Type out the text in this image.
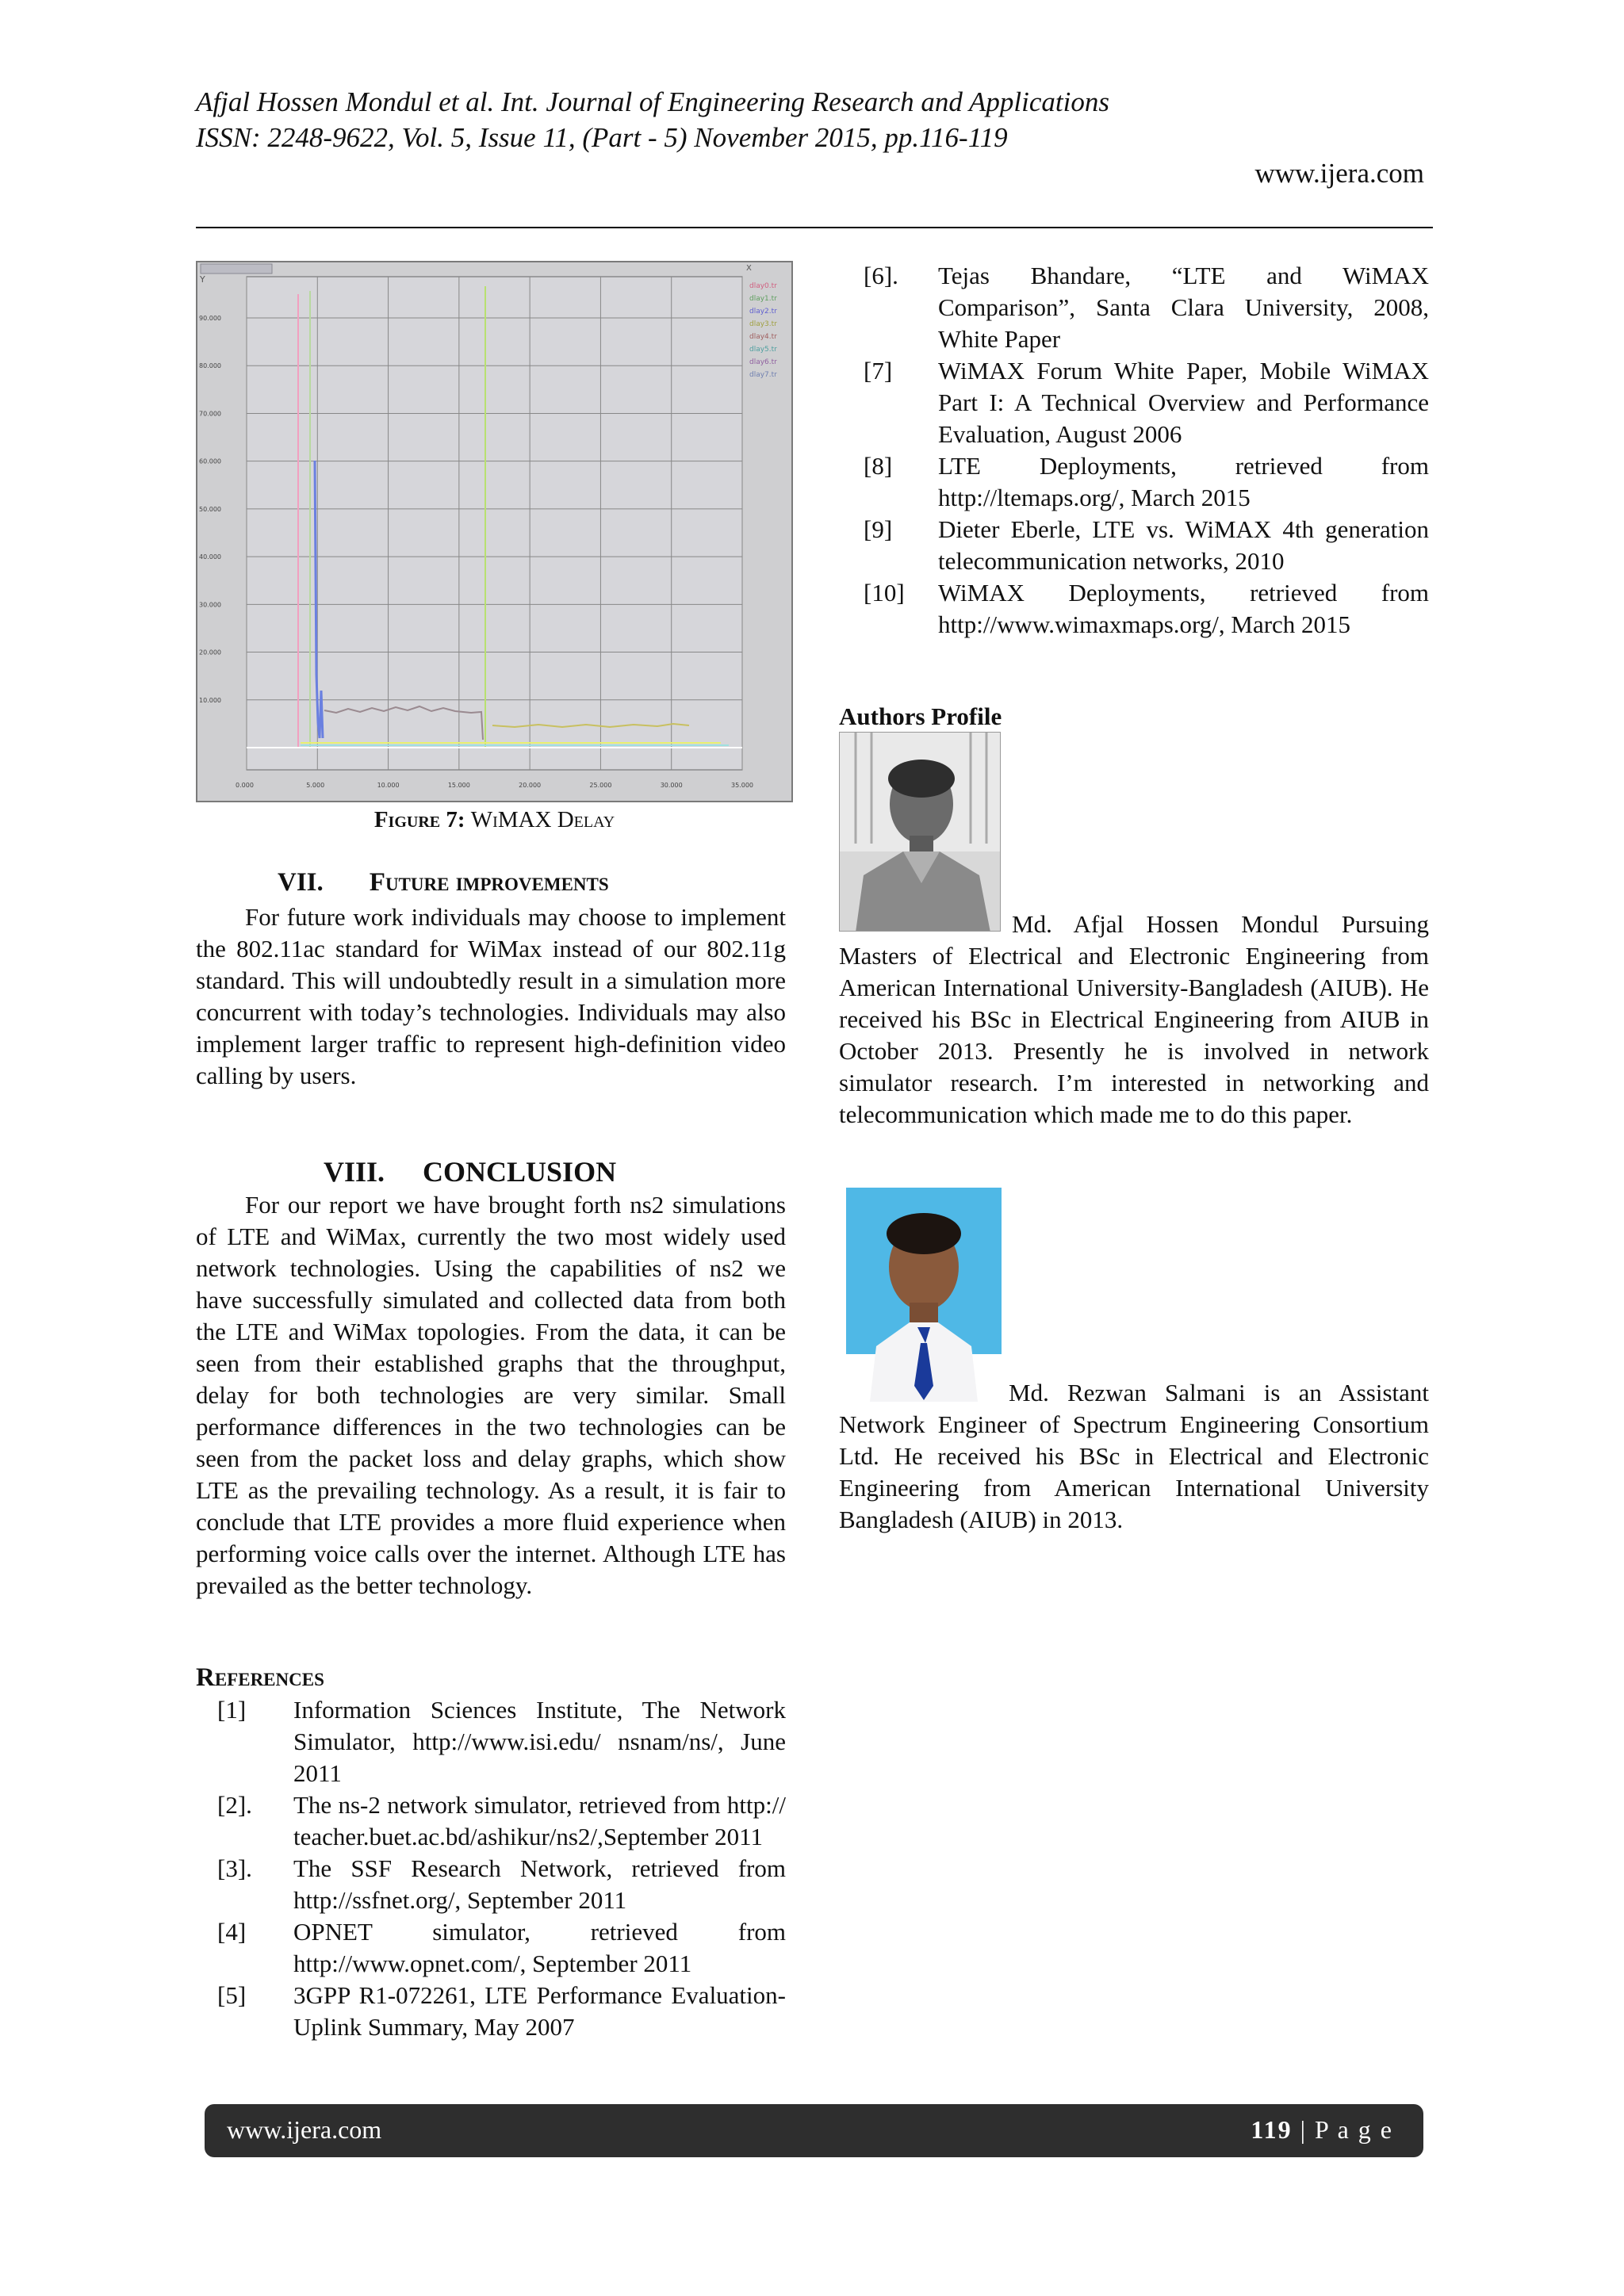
Afjal Hossen Mondul et al. Int. Journal of Engineering Research and Applications
www.ijera.com
ISSN: 2248-9622, Vol. 5, Issue 11, (Part - 5) November 2015, pp.116-119
Y
X
90.000
80.000
70.000
60.000
50.000
40.000
30.000
20.000
10.000
0.000	5.000	10.000	15.000	20.000	25.000	30.000	35.000
dlay0.tr
dlay1.tr
dlay2.tr
dlay3.tr
dlay4.tr
dlay5.tr
dlay6.tr
dlay7.tr
Figure 7: WiMAX Delay
VII. Future improvements

For future work individuals may choose to implement the 802.11ac standard for WiMax instead of our 802.11g standard. This will undoubtedly result in a simulation more concurrent with today’s technologies. Individuals may also implement larger traffic to represent high-definition video calling by users.

VIII. CONCLUSION

For our report we have brought forth ns2 simulations of LTE and WiMax, currently the two most widely used network technologies. Using the capabilities of ns2 we have successfully simulated and collected data from both the LTE and WiMax topologies. From the data, it can be seen from their established graphs that the throughput, delay for both technologies are very similar. Small performance differences in the two technologies can be seen from the packet loss and delay graphs, which show LTE as the prevailing technology. As a result, it is fair to conclude that LTE provides a more fluid experience when performing voice calls over the internet. Although LTE has prevailed as the better technology.

References
[1]	Information Sciences Institute, The Network Simulator, http://www.isi.edu/ nsnam/ns/, June 2011
[2].	The ns-2 network simulator, retrieved from http://teacher.buet.ac.bd/ashikur/ns2/,September 2011
[3].	The SSF Research Network, retrieved from http://ssfnet.org/, September 2011
[4]	OPNET simulator, retrieved from http://www.opnet.com/, September 2011
[5]	3GPP R1-072261, LTE Performance Evaluation-Uplink Summary, May 2007
[6].	Tejas Bhandare, “LTE and WiMAX Comparison”, Santa Clara University, 2008, White Paper
[7]	WiMAX Forum White Paper, Mobile WiMAX Part I: A Technical Overview and Performance Evaluation, August 2006
[8]	LTE Deployments, retrieved from http://ltemaps.org/, March 2015
[9]	Dieter Eberle, LTE vs. WiMAX 4th generation telecommunication networks, 2010
[10]	WiMAX Deployments, retrieved from http://www.wimaxmaps.org/, March 2015
Authors Profile

Md. Afjal Hossen Mondul Pursuing Masters of Electrical and Electronic Engineering from American International University-Bangladesh (AIUB). He received his BSc in Electrical Engineering from AIUB in October 2013. Presently he is involved in network simulator research. I’m interested in networking and telecommunication which made me to do this paper.

Md. Rezwan Salmani is an Assistant Network Engineer of Spectrum Engineering Consortium Ltd. He received his BSc in Electrical and Electronic Engineering from American International University Bangladesh (AIUB) in 2013.

www.ijera.com	119 | P a g e
